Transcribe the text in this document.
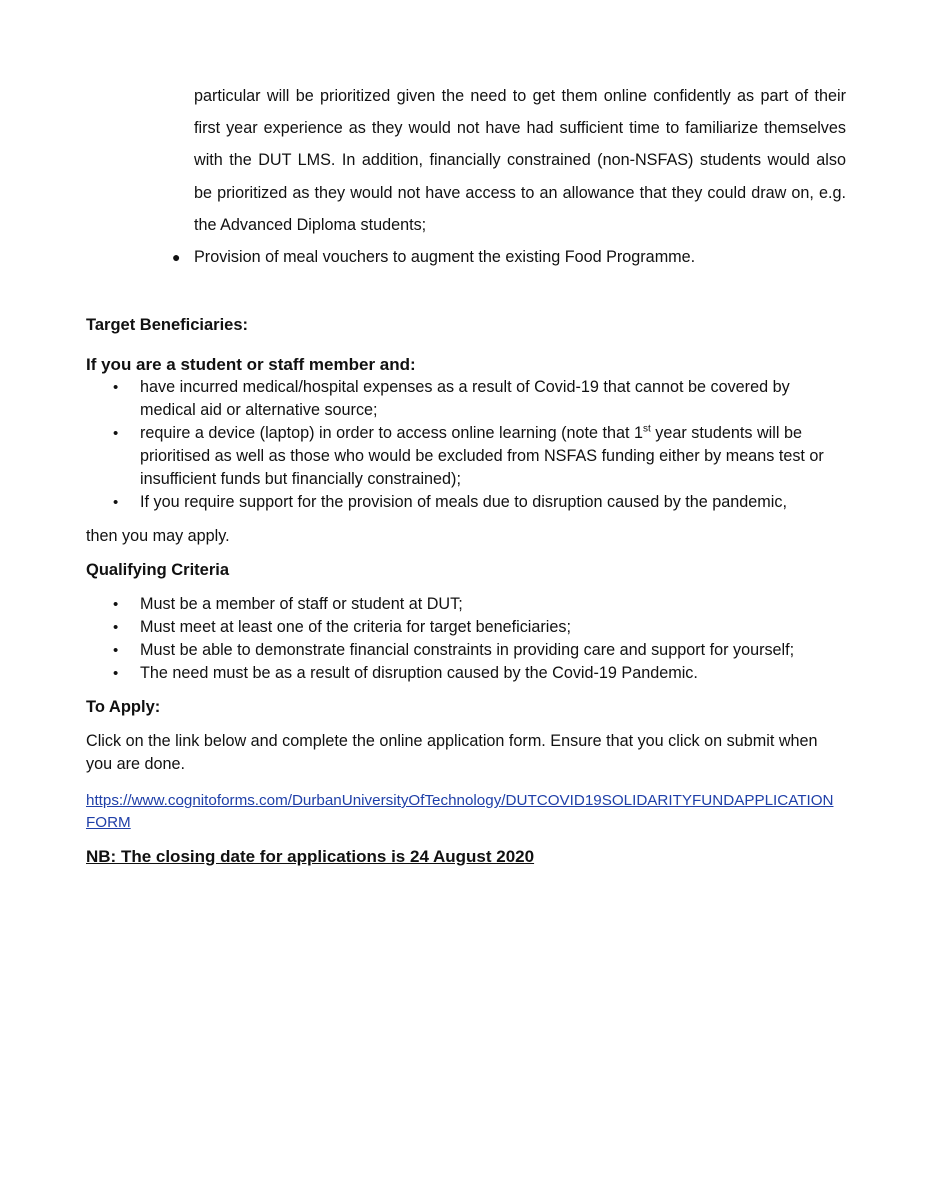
particular will be prioritized given the need to get them online confidently as part of their first year experience as they would not have had sufficient time to familiarize themselves with the DUT LMS. In addition, financially constrained (non-NSFAS) students would also be prioritized as they would not have access to an allowance that they could draw on, e.g. the Advanced Diploma students;

● Provision of meal vouchers to augment the existing Food Programme.
Target Beneficiaries:
If you are a student or staff member and:
• have incurred medical/hospital expenses as a result of Covid-19 that cannot be covered by medical aid or alternative source;
• require a device (laptop) in order to access online learning (note that 1st year students will be prioritised as well as those who would be excluded from NSFAS funding either by means test or insufficient funds but financially constrained);
• If you require support for the provision of meals due to disruption caused by the pandemic,

then you may apply.

Qualifying Criteria
• Must be a member of staff or student at DUT;
• Must meet at least one of the criteria for target beneficiaries;
• Must be able to demonstrate financial constraints in providing care and support for yourself;
• The need must be as a result of disruption caused by the Covid-19 Pandemic.
To Apply:

Click on the link below and complete the online application form. Ensure that you click on submit when you are done.

https://www.cognitoforms.com/DurbanUniversityOfTechnology/DUTCOVID19SOLIDARITYFUNDAPPLICATIONFORM

NB: The closing date for applications is 24 August 2020
